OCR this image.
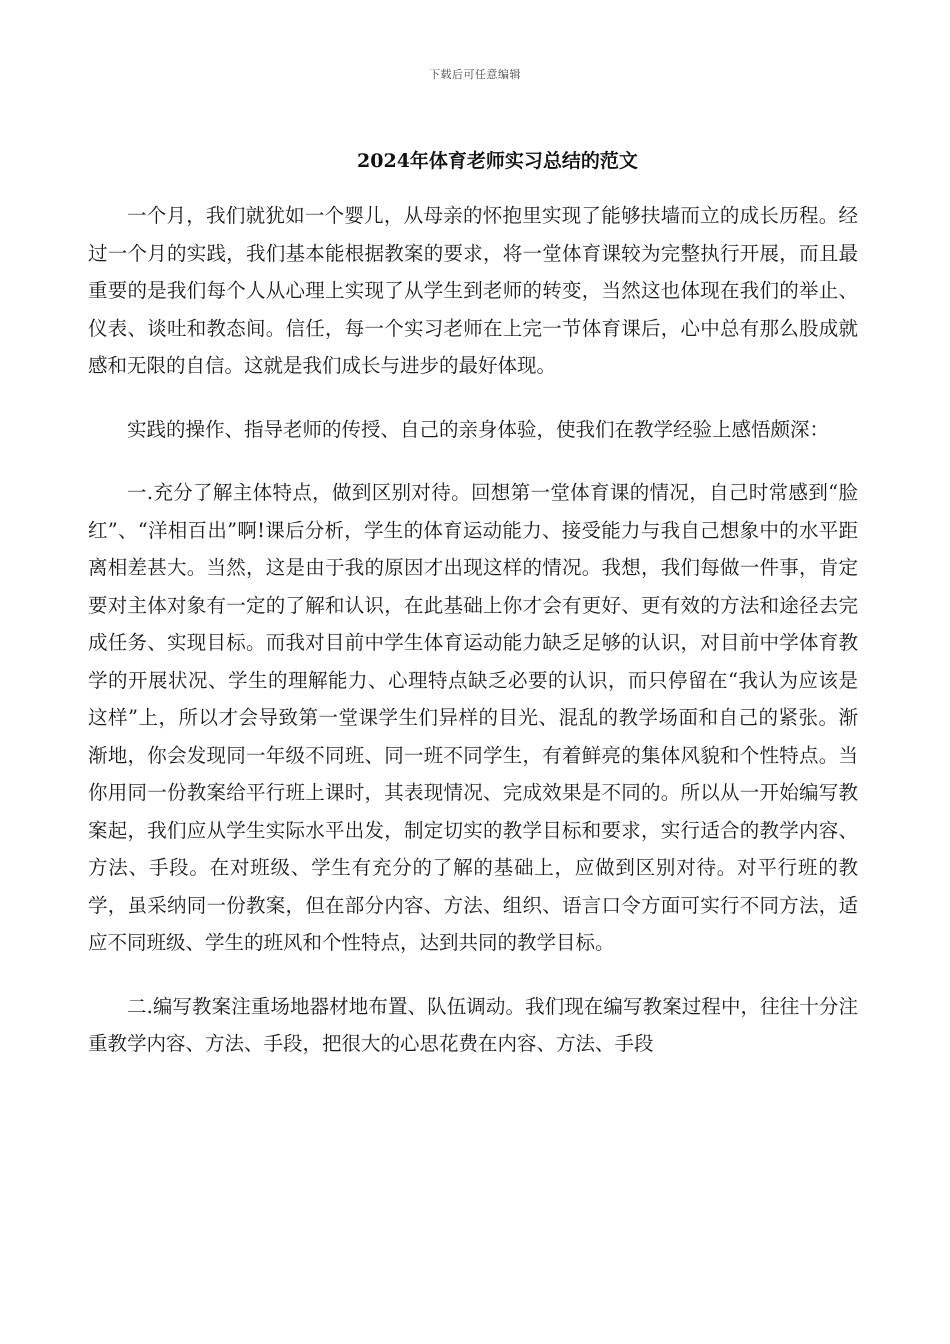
下载后可任意编辑
2024年体育老师实习总结的范文

一个月，我们就犹如一个婴儿，从母亲的怀抱里实现了能够扶墙而立的成长历程。经过一个月的实践，我们基本能根据教案的要求，将一堂体育课较为完整执行开展，而且最重要的是我们每个人从心理上实现了从学生到老师的转变，当然这也体现在我们的举止、仪表、谈吐和教态间。信任，每一个实习老师在上完一节体育课后，心中总有那么股成就感和无限的自信。这就是我们成长与进步的最好体现。

实践的操作、指导老师的传授、自己的亲身体验，使我们在教学经验上感悟颇深：

一.充分了解主体特点，做到区别对待。回想第一堂体育课的情况，自己时常感到“脸红”、“洋相百出”啊!课后分析，学生的体育运动能力、接受能力与我自己想象中的水平距离相差甚大。当然，这是由于我的原因才出现这样的情况。我想，我们每做一件事，肯定要对主体对象有一定的了解和认识，在此基础上你才会有更好、更有效的方法和途径去完成任务、实现目标。而我对目前中学生体育运动能力缺乏足够的认识，对目前中学体育教学的开展状况、学生的理解能力、心理特点缺乏必要的认识，而只停留在“我认为应该是这样”上，所以才会导致第一堂课学生们异样的目光、混乱的教学场面和自己的紧张。渐渐地，你会发现同一年级不同班、同一班不同学生，有着鲜亮的集体风貌和个性特点。当你用同一份教案给平行班上课时，其表现情况、完成效果是不同的。所以从一开始编写教案起，我们应从学生实际水平出发，制定切实的教学目标和要求，实行适合的教学内容、方法、手段。在对班级、学生有充分的了解的基础上，应做到区别对待。对平行班的教学，虽采纳同一份教案，但在部分内容、方法、组织、语言口令方面可实行不同方法，适应不同班级、学生的班风和个性特点，达到共同的教学目标。

二.编写教案注重场地器材地布置、队伍调动。我们现在编写教案过程中，往往十分注重教学内容、方法、手段，把很大的心思花费在内容、方法、手段
